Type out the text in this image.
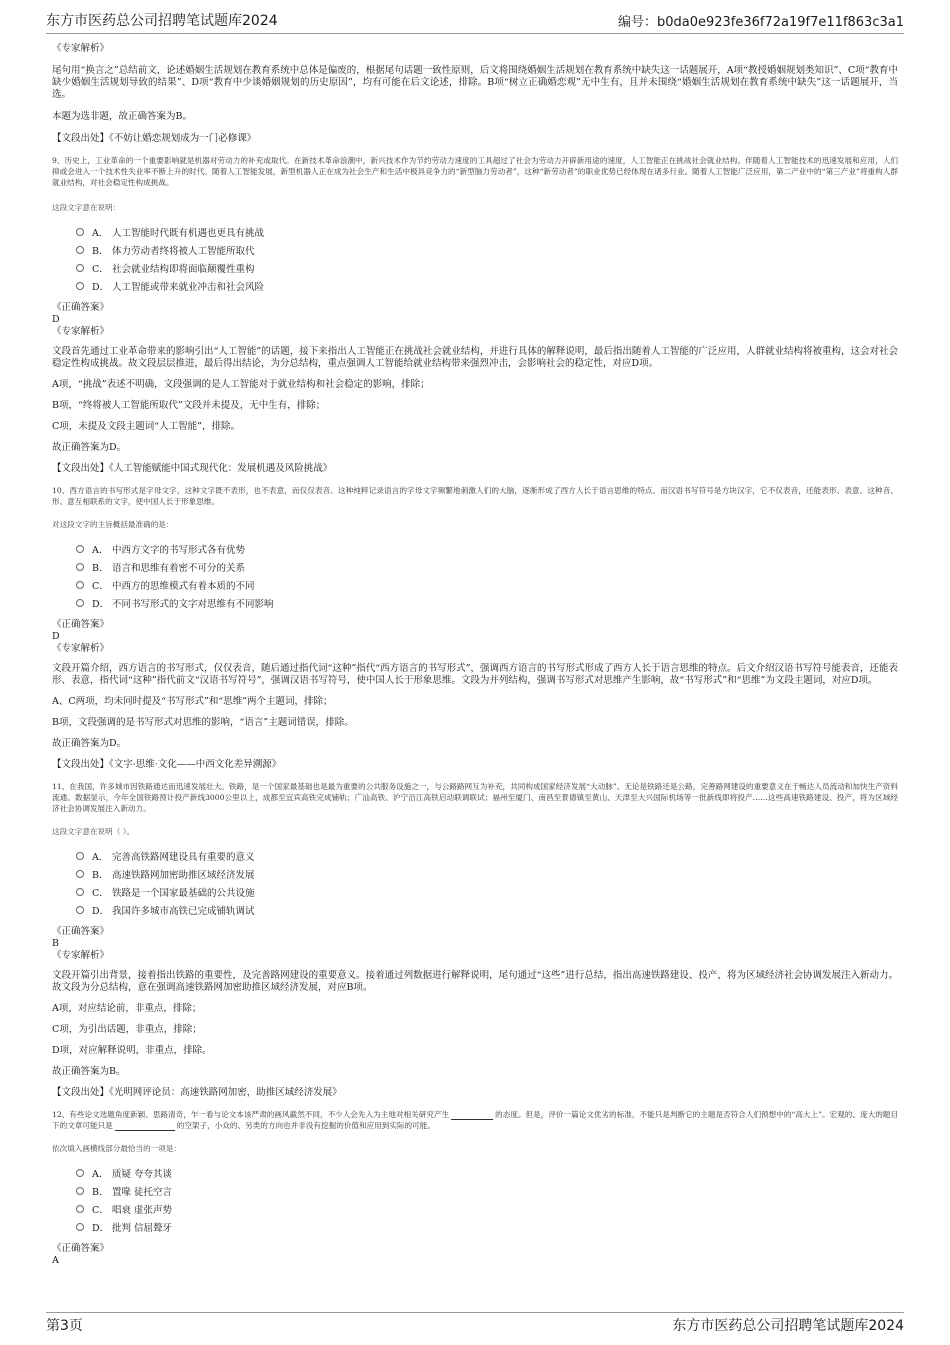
东方市医药总公司招聘笔试题库2024	编号：b0da0e923fe36f72a19f7e11f863c3a1

《专家解析》

尾句用“换言之”总结前文，论述婚姻生活规划在教育系统中总体是偏废的，根据尾句话题一致性原则，后文将围绕婚姻生活规划在教育系统中缺失这一话题展开，A项“教授婚姻规划类知识”、C项“教育中缺少婚姻生活规划导致的结果”、D项“教育中少谈婚姻规划的历史原因”，均有可能在后文论述，排除。B项“树立正确婚恋观”无中生有，且并未围绕“婚姻生活规划在教育系统中缺失”这一话题展开，当选。

本题为选非题，故正确答案为B。

【文段出处】《不妨让婚恋规划成为一门必修课》

9、历史上，工业革命的一个重要影响就是机器对劳动力的补充或取代。在新技术革命浪潮中，新兴技术作为节约劳动力速度的工具超过了社会为劳动力开辟新用途的速度，人工智能正在挑战社会就业结构。伴随着人工智能技术的迅速发展和应用，人们抑或会进入一个技术性失业率不断上升的时代。随着人工智能发展，新型机器人正在成为社会生产和生活中极具竞争力的“新型脑力劳动者”，这种“新劳动者”的职业优势已经体现在诸多行业。随着人工智能广泛应用，第二产业中的“第三产业”将重构人群就业结构，对社会稳定性构成挑战。

这段文字意在说明：

A． 人工智能时代既有机遇也更具有挑战
B． 体力劳动者终将被人工智能所取代
C． 社会就业结构即将面临颠覆性重构
D． 人工智能或带来就业冲击和社会风险

《正确答案》

D

《专家解析》

文段首先通过工业革命带来的影响引出“人工智能”的话题，接下来指出人工智能正在挑战社会就业结构，并进行具体的解释说明，最后指出随着人工智能的广泛应用，人群就业结构将被重构，这会对社会稳定性构成挑战。故文段层层推进，最后得出结论，为分总结构，重点强调人工智能给就业结构带来强烈冲击，会影响社会的稳定性，对应D项。

A项，“挑战”表述不明确，文段强调的是人工智能对于就业结构和社会稳定的影响，排除；

B项，“终将被人工智能所取代”文段并未提及，无中生有，排除；

C项，未提及文段主题词“人工智能”，排除。

故正确答案为D。

【文段出处】《人工智能赋能中国式现代化：发展机遇及风险挑战》

10、西方语言的书写形式是字母文字，这种文字既不表形，也不表意，而仅仅表音。这种纯粹记录语言的字母文字频繁地刺激人们的大脑，逐渐形成了西方人长于语言思维的特点。而汉语书写符号是方块汉字，它不仅表音，还能表形、表意。这种音、形、意互相联系的文字，使中国人长于形象思维。

对这段文字的主旨概括最准确的是：

A． 中西方文字的书写形式各有优势
B． 语言和思维有着密不可分的关系
C． 中西方的思维模式有着本质的不同
D． 不同书写形式的文字对思维有不同影响

《正确答案》

D

《专家解析》

文段开篇介绍，西方语言的书写形式，仅仅表音，随后通过指代词“这种”指代“西方语言的书写形式”，强调西方语言的书写形式形成了西方人长于语言思维的特点。后文介绍汉语书写符号能表音，还能表形、表意，指代词“这种”指代前文“汉语书写符号”，强调汉语书写符号，使中国人长于形象思维。文段为并列结构，强调书写形式对思维产生影响，故“书写形式”和“思维”为文段主题词，对应D项。

A、C两项，均未同时提及“书写形式”和“思维”两个主题词，排除；

B项，文段强调的是书写形式对思维的影响，“语言”主题词错误，排除。

故正确答案为D。

【文段出处】《文字·思维·文化——中西文化差异溯源》

11、在我国，许多城市因铁路通达而迅速发展壮大。铁路，是一个国家最基础也是最为重要的公共服务设施之一，与公路路网互为补充，共同构成国家经济发展“大动脉”。无论是铁路还是公路，完善路网建设的重要意义在于畅达人员流动和加快生产资料流通。数据显示，今年全国铁路预计投产新线3000公里以上，成都至宜宾高铁完成铺轨；广汕高铁、沪宁沿江高铁启动联调联试；福州至厦门、南昌至景德镇至黄山、天津至大兴国际机场等一批新线即将投产……这些高速铁路建设、投产，将为区域经济社会协调发展注入新动力。

这段文字意在说明（ ）。

A． 完善高铁路网建设具有重要的意义
B． 高速铁路网加密助推区域经济发展
C． 铁路是一个国家最基础的公共设施
D． 我国许多城市高铁已完成铺轨调试

《正确答案》

B

《专家解析》

文段开篇引出背景，接着指出铁路的重要性，及完善路网建设的重要意义。接着通过列数据进行解释说明，尾句通过“这些”进行总结，指出高速铁路建设、投产，将为区域经济社会协调发展注入新动力。故文段为分总结构，意在强调高速铁路网加密助推区域经济发展，对应B项。

A项，对应结论前，非重点，排除；

C项，为引出话题，非重点，排除；

D项，对应解释说明，非重点，排除。

故正确答案为B。

【文段出处】《光明网评论员：高速铁路网加密，助推区域经济发展》

12、有些论文选题角度新颖、思路清奇，乍一看与论文本该严肃的画风截然不同，不少人会先入为主地对相关研究产生	的态度。但是，评价一篇论文优劣的标准，不能只是判断它的主题是否符合人们预想中的“高大上”。宏观的、庞大的题目下的文章可能只是	的空架子，小众的、另类的方向也并非没有挖掘的价值和应用到实际的可能。

依次填入画横线部分最恰当的一项是：

A． 质疑 夸夸其谈
B． 置喙 徒托空言
C． 唱衰 虚张声势
D． 批判 信屈聱牙

《正确答案》

A

第3页	东方市医药总公司招聘笔试题库2024
